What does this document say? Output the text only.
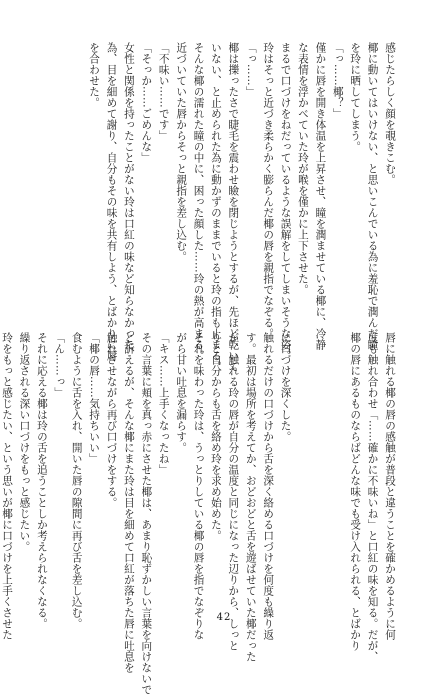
感じたらしく顔を覗きこむ。
椰に動いてはいけない、と思いこんでいる為に羞恥で潤んだ瞳
を玲に晒してしまう。
「っ……椰？」
僅かに唇を開き体温を上昇させ、瞳を潤ませている椰に、冷静
な表情を浮かべていた玲が喉を僅かに上下させた。
まるで口づけをねだっているような誤解をしてしまいそうな姿。
玲はそっと近づき柔らかく膨らんだ椰の唇を親指でなぞる。
「っ……」
椰は擽ったさで睫毛を震わせ瞼を閉じようとするが、先ほど乾いて
いない、と止められた為に動かずのままでいると玲の指も止まる。
そんな椰の濡れた瞳の中に、困った顔した……玲の熱が高まる。
近づいていた唇からそっと親指を差し込む。
「不味い……です」
「そっか……ごめんな」
女性と関係を持ったことがない玲は口紅の味など知らなかった
為、目を細めて謝り、自分もその味を共有しよう、とばかりに唇
を合わせた。
唇に触れる椰の唇の感触が普段と違うことを確かめるように何
度も触れ合わせ「……確かに不味いね」と口紅の味を知る。だが、
椰の唇にあるものならばどんな味でも受け入れられる、とばかり

に口づけを深くした。
触れるだけの口づけから舌を深く絡める口づけを何度も繰り返
す。最初は場所を考えてか、おどおどと舌を遊ばせていた椰だった
が、触れる玲の唇が自分の温度と同じになった辺りから、しっと
りと自分からも舌を絡め玲を求め始めた。
それを味わった玲は、うっとりしている椰の唇を指でなぞりな
がら甘い吐息を漏らす。
「キス……上手くなったね」
その言葉に頬を真っ赤にさせた椰は、あまり恥ずかしい言葉を向けないで
と訴えるが、そんな椰にまた玲は目を細めて口紅が落ちた唇に吐息を
触れさせながら再び口づけをする。
「椰の唇……気持ちいい」
食むように舌を入れ、開いた唇の隙間に再び舌を差し込む。
「ん……っ」
それに応える椰は玲の舌を追うことしか考えられなくなる。
繰り返される深い口づけをもっと感じたい。
玲をもっと感じたい、という思いが椰に口づけを上手くさせた
　	42
